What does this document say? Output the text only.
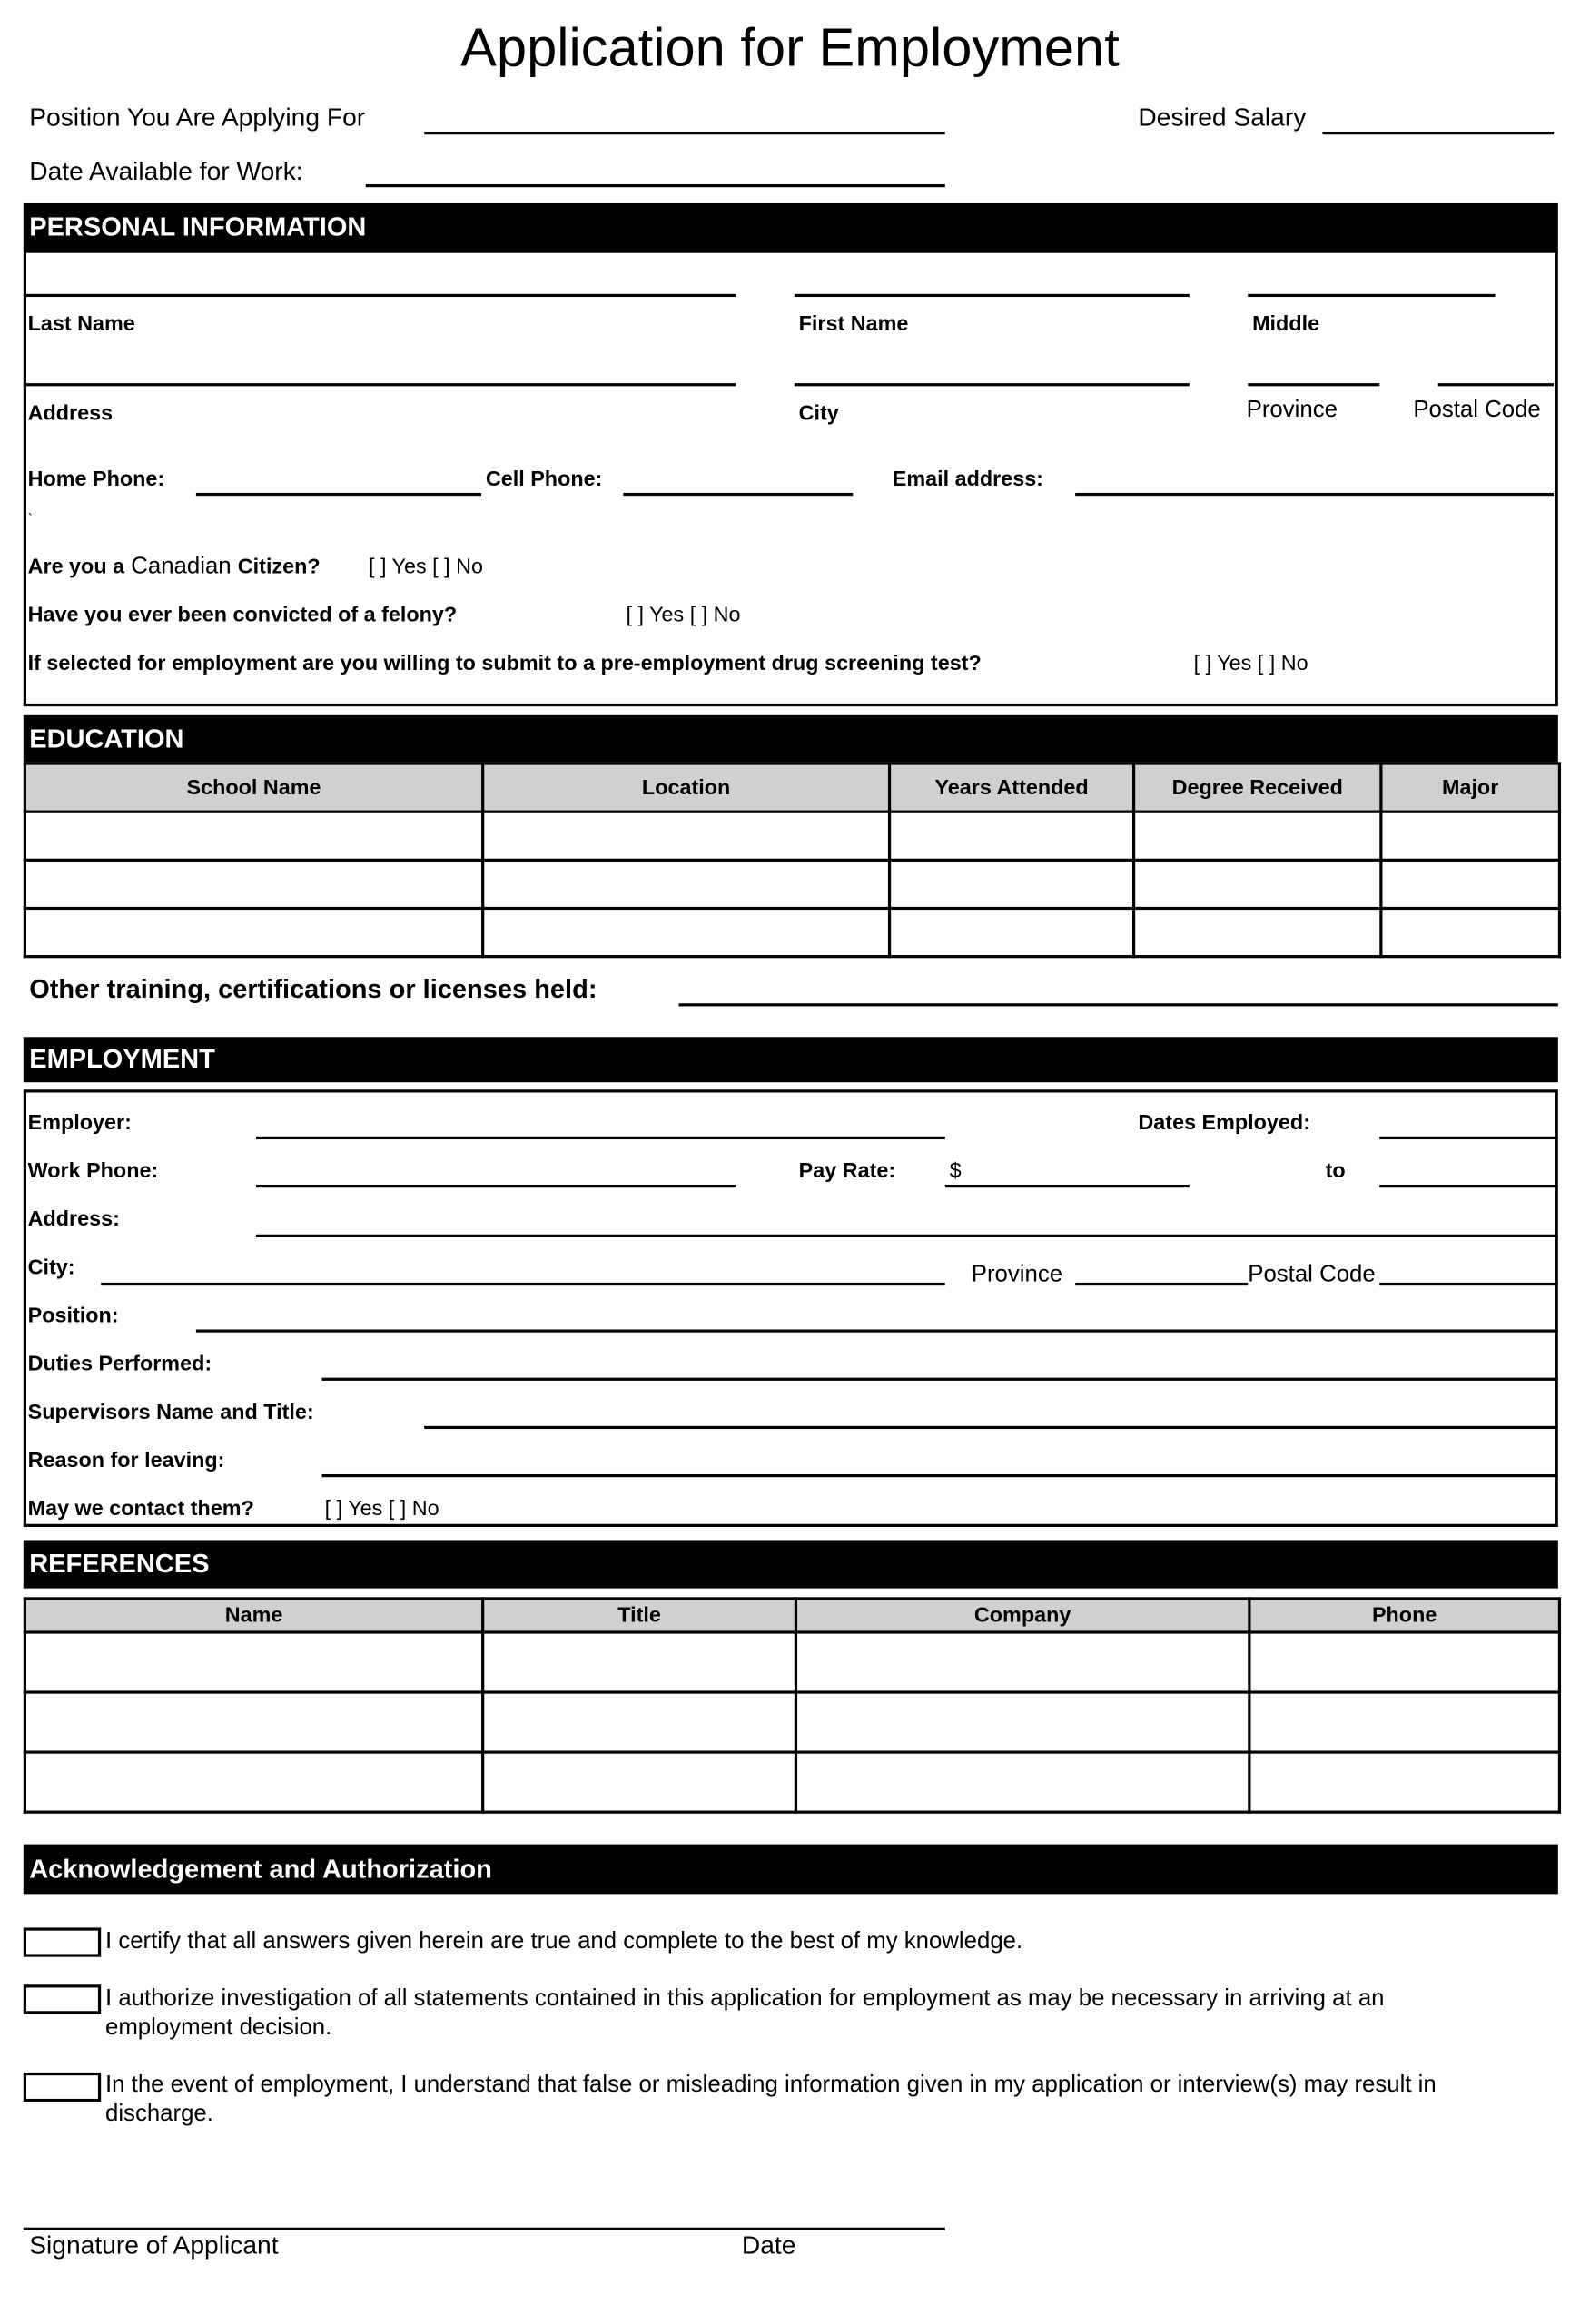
Application for Employment
Position You Are Applying For	Desired Salary
Date Available for Work:
PERSONAL INFORMATION
Last Name	First Name	Middle
Address	City	Province	Postal Code
Home Phone:	Cell Phone:	Email address:
`
Are you a Canadian Citizen?	[ ] Yes [ ] No
Have you ever been convicted of a felony?	[ ] Yes [ ] No
If selected for employment are you willing to submit to a pre-employment drug screening test?	[ ] Yes [ ] No
EDUCATION
School Name	Location	Years Attended	Degree Received	Major

Other training, certifications or licenses held:
EMPLOYMENT
Employer:	Dates Employed:
Work Phone:	Pay Rate:	$	to
Address:
City:	Province	Postal Code
Position:
Duties Performed:
Supervisors Name and Title:
Reason for leaving:
May we contact them?	[ ] Yes [ ] No
REFERENCES
Name	Title	Company	Phone

Acknowledgement and Authorization
I certify that all answers given herein are true and complete to the best of my knowledge.
I authorize investigation of all statements contained in this application for employment as may be necessary in arriving at an employment decision.
In the event of employment, I understand that false or misleading information given in my application or interview(s) may result in discharge.
Signature of Applicant	Date
